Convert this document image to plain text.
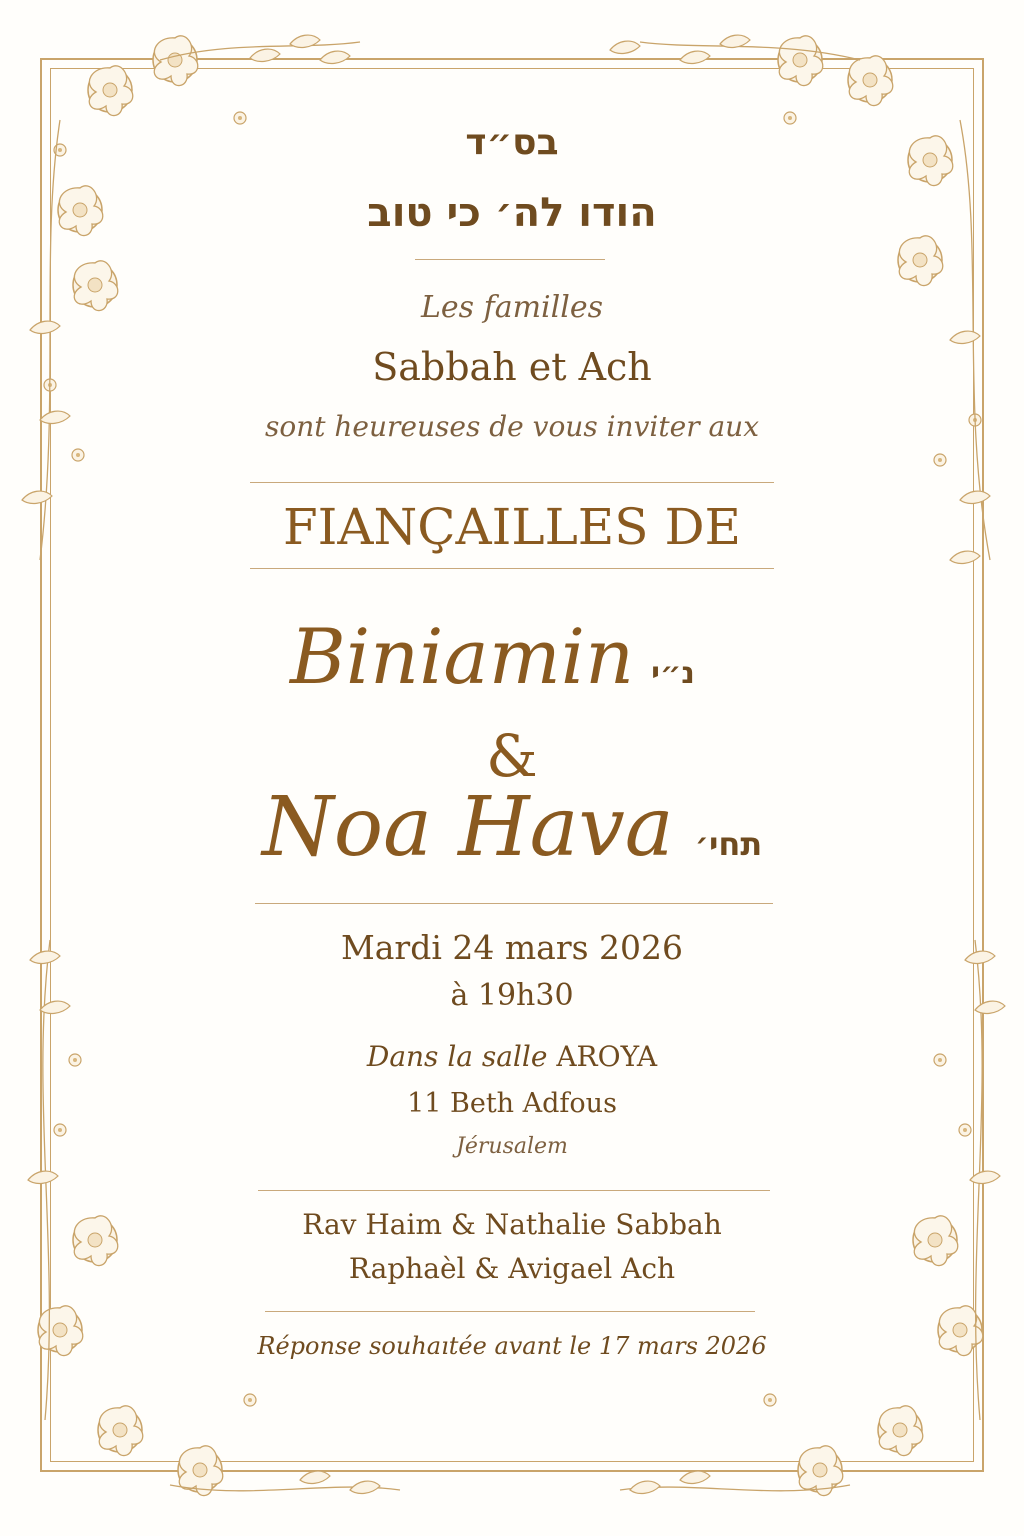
בס״ד
הודו לה׳ כי טוב
Les familles
Sabbah et Ach
sont heureuses de vous inviter aux
FIANÇAILLES DE
Biniamin נ״י
&
Noa Hava תחי׳
Mardi 24 mars 2026
à 19h30
Dans la salle AROYA
11 Beth Adfous
Jérusalem
Rav Haim & Nathalie Sabbah
Raphaèl & Avigael Ach
Réponse souhaıtée avant le 17 mars 2026
